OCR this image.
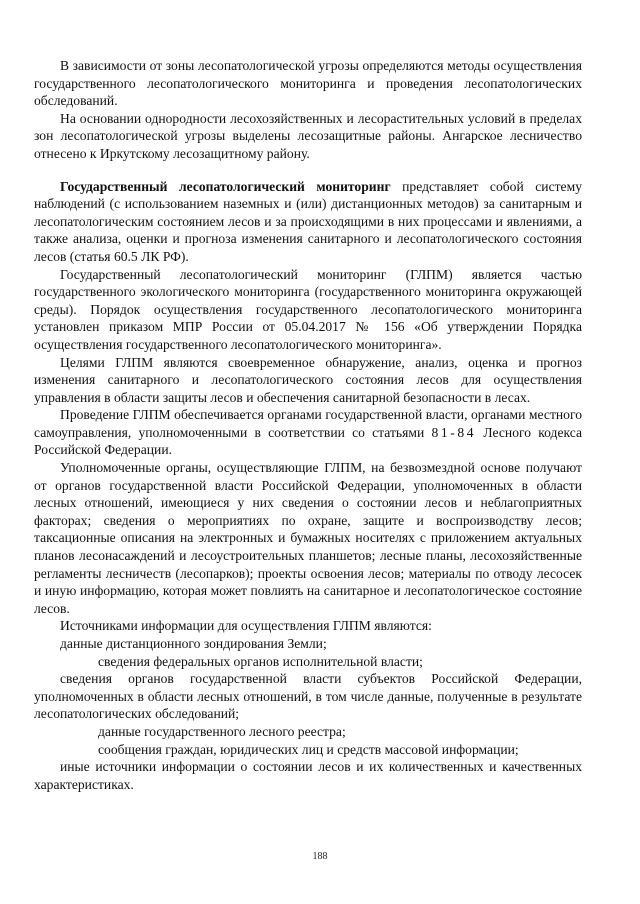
В зависимости от зоны лесопатологической угрозы определяются методы осуществления государственного лесопатологического мониторинга и проведения лесопатологических обследований.

На основании однородности лесохозяйственных и лесорастительных условий в пределах зон лесопатологической угрозы выделены лесозащитные районы. Ангарское лесничество отнесено к Иркутскому лесозащитному району.

Государственный лесопатологический мониторинг представляет собой систему наблюдений (с использованием наземных и (или) дистанционных методов) за санитарным и лесопатологическим состоянием лесов и за происходящими в них процессами и явлениями, а также анализа, оценки и прогноза изменения санитарного и лесопатологического состояния лесов (статья 60.5 ЛК РФ).

Государственный лесопатологический мониторинг (ГЛПМ) является частью государственного экологического мониторинга (государственного мониторинга окружающей среды). Порядок осуществления государственного лесопатологического мониторинга установлен приказом МПР России от 05.04.2017 № 156 «Об утверждении Порядка осуществления государственного лесопатологического мониторинга».

Целями ГЛПМ являются своевременное обнаружение, анализ, оценка и прогноз изменения санитарного и лесопатологического состояния лесов для осуществления управления в области защиты лесов и обеспечения санитарной безопасности в лесах.

Проведение ГЛПМ обеспечивается органами государственной власти, органами местного самоуправления, уполномоченными в соответствии со статьями 81-84 Лесного кодекса Российской Федерации.

Уполномоченные органы, осуществляющие ГЛПМ, на безвозмездной основе получают от органов государственной власти Российской Федерации, уполномоченных в области лесных отношений, имеющиеся у них сведения о состоянии лесов и неблагоприятных факторах; сведения о мероприятиях по охране, защите и воспроизводству лесов; таксационные описания на электронных и бумажных носителях с приложением актуальных планов лесонасаждений и лесоустроительных планшетов; лесные планы, лесохозяйственные регламенты лесничеств (лесопарков); проекты освоения лесов; материалы по отводу лесосек и иную информацию, которая может повлиять на санитарное и лесопатологическое состояние лесов.

Источниками информации для осуществления ГЛПМ являются:

данные дистанционного зондирования Земли;

сведения федеральных органов исполнительной власти;

сведения органов государственной власти субъектов Российской Федерации, уполномоченных в области лесных отношений, в том числе данные, полученные в результате лесопатологических обследований;

данные государственного лесного реестра;

сообщения граждан, юридических лиц и средств массовой информации;

иные источники информации о состоянии лесов и их количественных и качественных характеристиках.

188
